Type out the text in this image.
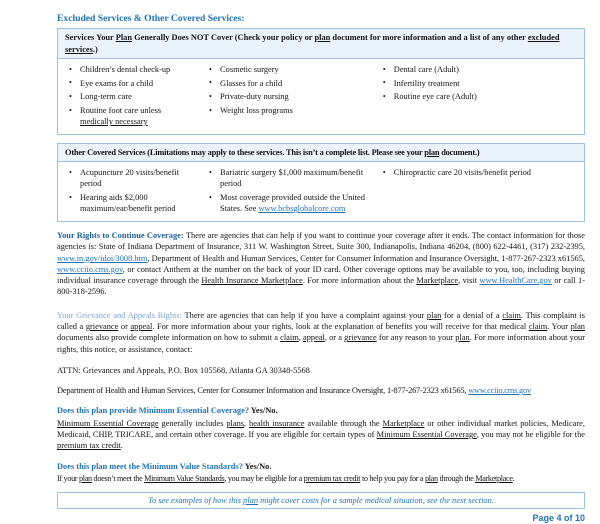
Excluded Services & Other Covered Services:
Services Your Plan Generally Does NOT Cover (Check your policy or plan document for more information and a list of any other excluded services.)
• Children’s dental check-up
• Eye exams for a child
• Long-term care
• Routine foot care unless medically necessary
• Cosmetic surgery
• Glasses for a child
• Private-duty nursing
• Weight loss programs
• Dental care (Adult)
• Infertility treatment
• Routine eye care (Adult)
Other Covered Services (Limitations may apply to these services. This isn’t a complete list. Please see your plan document.)
• Acupuncture 20 visits/benefit period
• Hearing aids $2,000 maximum/ear/benefit period
• Bariatric surgery $1,000 maximum/benefit period
• Most coverage provided outside the United States. See www.bcbsglobalcore.com
• Chiropractic care 20 visits/benefit period

Your Rights to Continue Coverage: There are agencies that can help if you want to continue your coverage after it ends. The contact information for those agencies is: State of Indiana Department of Insurance, 311 W. Washington Street, Suite 300, Indianapolis, Indiana 46204, (800) 622-4461, (317) 232-2395, www.in.gov/idoi/3008.htm, Department of Health and Human Services, Center for Consumer Information and Insurance Oversight, 1-877-267-2323 x61565, www.cciio.cms.gov, or contact Anthem at the number on the back of your ID card. Other coverage options may be available to you, too, including buying individual insurance coverage through the Health Insurance Marketplace. For more information about the Marketplace, visit www.HealthCare.gov or call 1-800-318-2596.

Your Grievance and Appeals Rights: There are agencies that can help if you have a complaint against your plan for a denial of a claim. This complaint is called a grievance or appeal. For more information about your rights, look at the explanation of benefits you will receive for that medical claim. Your plan documents also provide complete information on how to submit a claim, appeal, or a grievance for any reason to your plan. For more information about your rights, this notice, or assistance, contact:

ATTN: Grievances and Appeals, P.O. Box 105568, Atlanta GA 30348-5568

Department of Health and Human Services, Center for Consumer Information and Insurance Oversight, 1-877-267-2323 x61565, www.cciio.cms.gov

Does this plan provide Minimum Essential Coverage? Yes/No.

Minimum Essential Coverage generally includes plans, health insurance available through the Marketplace or other individual market policies, Medicare, Medicaid, CHIP, TRICARE, and certain other coverage. If you are eligible for certain types of Minimum Essential Coverage, you may not be eligible for the premium tax credit.

Does this plan meet the Minimum Value Standards? Yes/No.

If your plan doesn’t meet the Minimum Value Standards, you may be eligible for a premium tax credit to help you pay for a plan through the Marketplace.

To see examples of how this plan might cover costs for a sample medical situation, see the next section.
Page 4 of 10
